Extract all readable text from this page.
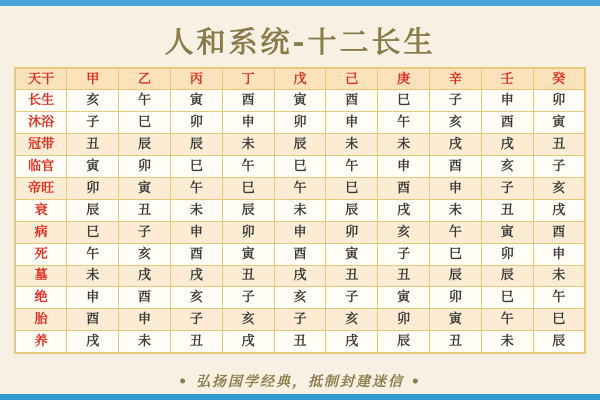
人和系统-十二长生
天干	甲	乙	丙	丁	戊	己	庚	辛	壬	癸
长生	亥	午	寅	酉	寅	酉	巳	子	申	卯
沐浴	子	巳	卯	申	卯	申	午	亥	酉	寅
冠带	丑	辰	辰	未	辰	未	未	戌	戌	丑
临官	寅	卯	巳	午	巳	午	申	酉	亥	子
帝旺	卯	寅	午	巳	午	巳	酉	申	子	亥
衰	辰	丑	未	辰	未	辰	戌	未	丑	戌
病	巳	子	申	卯	申	卯	亥	午	寅	酉
死	午	亥	酉	寅	酉	寅	子	巳	卯	申
墓	未	戌	戌	丑	戌	丑	丑	辰	辰	未
绝	申	酉	亥	子	亥	子	寅	卯	巳	午
胎	酉	申	子	亥	子	亥	卯	寅	午	巳
养	戌	未	丑	戌	丑	戌	辰	丑	未	辰
• 弘扬国学经典，抵制封建迷信 •
